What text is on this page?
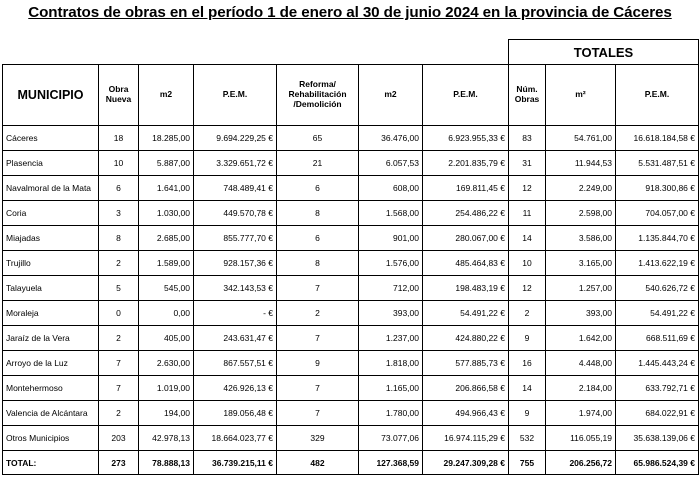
Contratos de obras en el período 1 de enero al 30 de junio 2024 en la provincia de Cáceres
							TOTALES		
MUNICIPIO	Obra Nueva	m2	P.E.M.	Reforma/ Rehabilitación /Demolición	m2	P.E.M.	Núm. Obras	m²	P.E.M.
Cáceres	18	18.285,00	9.694.229,25 €	65	36.476,00	6.923.955,33 €	83	54.761,00	16.618.184,58 €
Plasencia	10	5.887,00	3.329.651,72 €	21	6.057,53	2.201.835,79 €	31	11.944,53	5.531.487,51 €
Navalmoral de la Mata	6	1.641,00	748.489,41 €	6	608,00	169.811,45 €	12	2.249,00	918.300,86 €
Coria	3	1.030,00	449.570,78 €	8	1.568,00	254.486,22 €	11	2.598,00	704.057,00 €
Miajadas	8	2.685,00	855.777,70 €	6	901,00	280.067,00 €	14	3.586,00	1.135.844,70 €
Trujillo	2	1.589,00	928.157,36 €	8	1.576,00	485.464,83 €	10	3.165,00	1.413.622,19 €
Talayuela	5	545,00	342.143,53 €	7	712,00	198.483,19 €	12	1.257,00	540.626,72 €
Moraleja	0	0,00	- €	2	393,00	54.491,22 €	2	393,00	54.491,22 €
Jaraíz de la Vera	2	405,00	243.631,47 €	7	1.237,00	424.880,22 €	9	1.642,00	668.511,69 €
Arroyo de la Luz	7	2.630,00	867.557,51 €	9	1.818,00	577.885,73 €	16	4.448,00	1.445.443,24 €
Montehermoso	7	1.019,00	426.926,13 €	7	1.165,00	206.866,58 €	14	2.184,00	633.792,71 €
Valencia de Alcántara	2	194,00	189.056,48 €	7	1.780,00	494.966,43 €	9	1.974,00	684.022,91 €
Otros Municipios	203	42.978,13	18.664.023,77 €	329	73.077,06	16.974.115,29 €	532	116.055,19	35.638.139,06 €
TOTAL:	273	78.888,13	36.739.215,11 €	482	127.368,59	29.247.309,28 €	755	206.256,72	65.986.524,39 €
